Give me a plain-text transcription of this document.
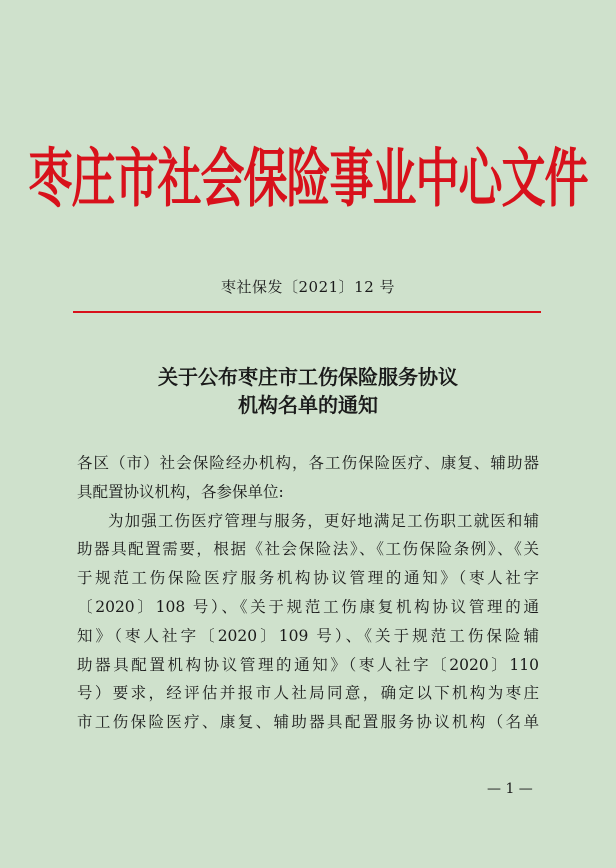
枣庄市社会保险事业中心文件
枣社保发〔2021〕12 号
关于公布枣庄市工伤保险服务协议
机构名单的通知
各区（市）社会保险经办机构，各工伤保险医疗、康复、辅助器
具配置协议机构，各参保单位:
为加强工伤医疗管理与服务，更好地满足工伤职工就医和辅
助器具配置需要，根据《社会保险法》、《工伤保险条例》、《关
于规范工伤保险医疗服务机构协议管理的通知》（枣人社字
〔2020〕108 号）、《关于规范工伤康复机构协议管理的通
知》（枣人社字〔2020〕109 号）、《关于规范工伤保险辅
助器具配置机构协议管理的通知》（枣人社字〔2020〕110
号）要求，经评估并报市人社局同意，确定以下机构为枣庄
市工伤保险医疗、康复、辅助器具配置服务协议机构（名单
— 1 —
